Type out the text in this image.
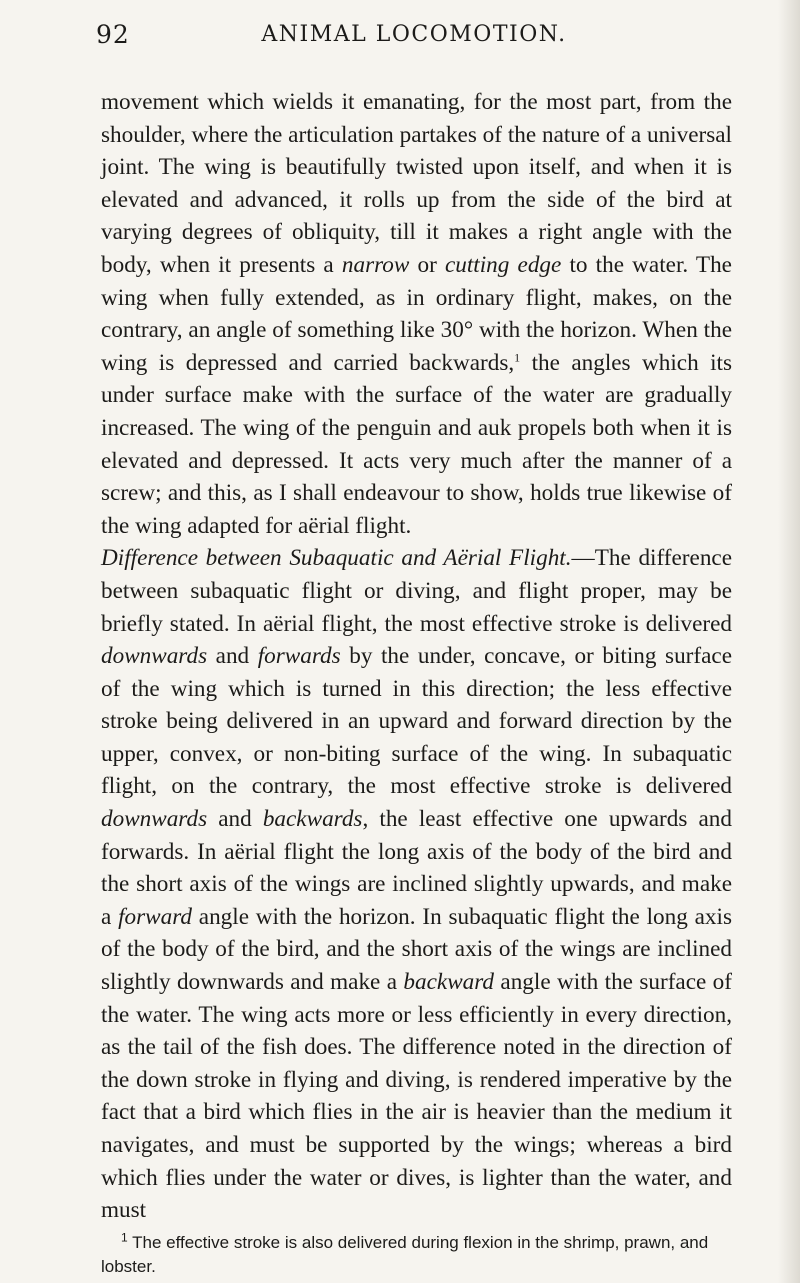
92	ANIMAL LOCOMOTION.

movement which wields it emanating, for the most part, from the shoulder, where the articulation partakes of the nature of a universal joint. The wing is beautifully twisted upon itself, and when it is elevated and advanced, it rolls up from the side of the bird at varying degrees of obliquity, till it makes a right angle with the body, when it presents a narrow or cutting edge to the water. The wing when fully extended, as in ordinary flight, makes, on the contrary, an angle of something like 30° with the horizon. When the wing is depressed and carried backwards,$^1$ the angles which its under surface make with the surface of the water are gradually increased. The wing of the penguin and auk propels both when it is elevated and depressed. It acts very much after the manner of a screw; and this, as I shall endeavour to show, holds true likewise of the wing adapted for aërial flight.

Difference between Subaquatic and Aërial Flight.—The difference between subaquatic flight or diving, and flight proper, may be briefly stated. In aërial flight, the most effective stroke is delivered downwards and forwards by the under, concave, or biting surface of the wing which is turned in this direction; the less effective stroke being delivered in an upward and forward direction by the upper, convex, or non-biting surface of the wing. In subaquatic flight, on the contrary, the most effective stroke is delivered downwards and backwards, the least effective one upwards and forwards. In aërial flight the long axis of the body of the bird and the short axis of the wings are inclined slightly upwards, and make a forward angle with the horizon. In subaquatic flight the long axis of the body of the bird, and the short axis of the wings are inclined slightly downwards and make a backward angle with the surface of the water. The wing acts more or less efficiently in every direction, as the tail of the fish does. The difference noted in the direction of the down stroke in flying and diving, is rendered imperative by the fact that a bird which flies in the air is heavier than the medium it navigates, and must be supported by the wings; whereas a bird which flies under the water or dives, is lighter than the water, and must

$^1$ The effective stroke is also delivered during flexion in the shrimp, prawn, and lobster.
